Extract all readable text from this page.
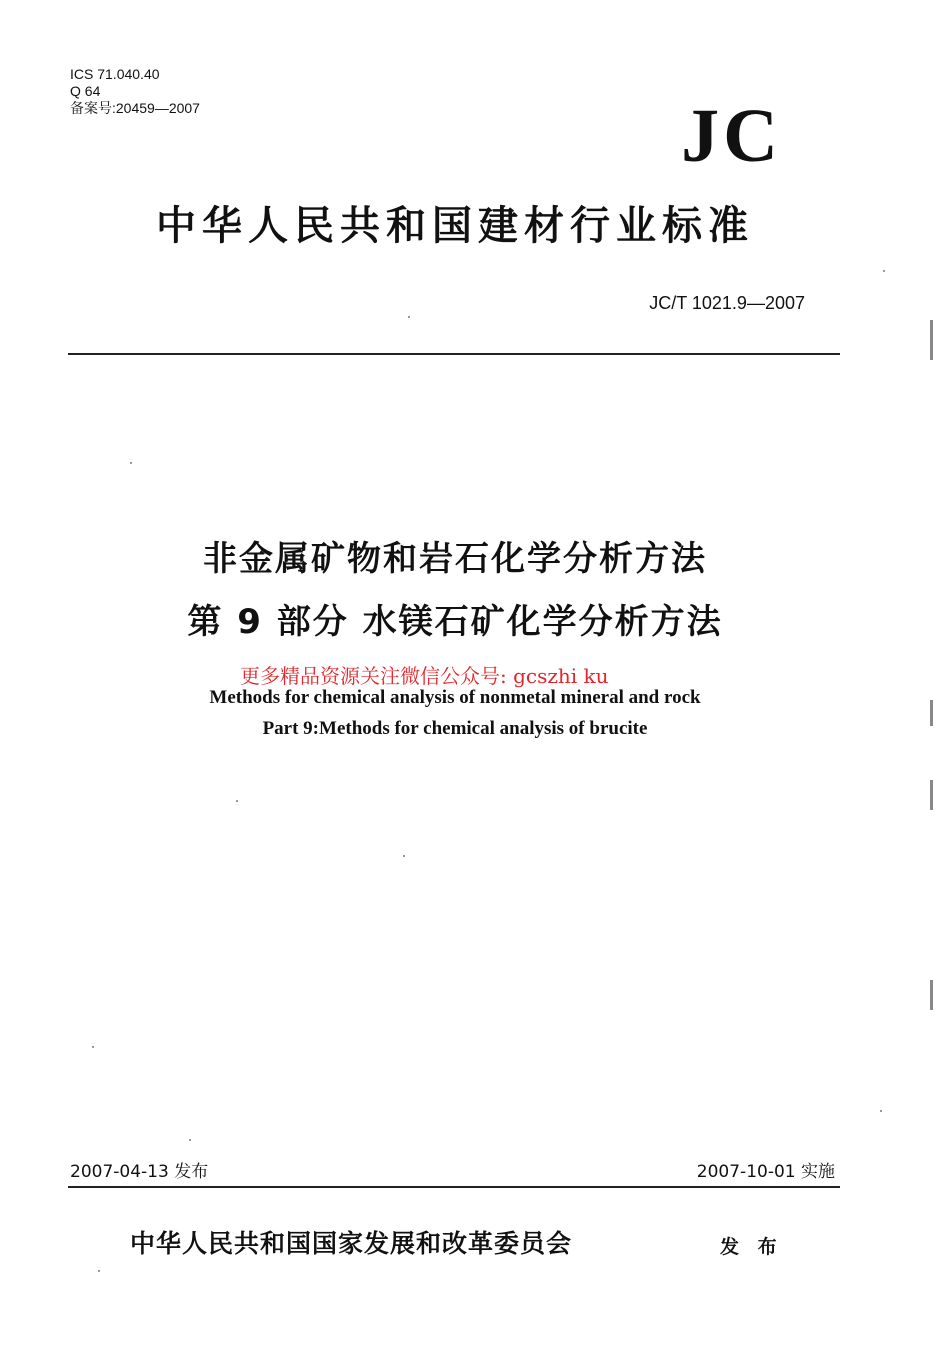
ICS 71.040.40
Q 64
备案号:20459—2007	JC
中华人民共和国建材行业标准
JC/T 1021.9—2007
非金属矿物和岩石化学分析方法
第 9 部分 水镁石矿化学分析方法
更多精品资源关注微信公众号: gcszhi ku
Methods for chemical analysis of nonmetal mineral and rock
Part 9:Methods for chemical analysis of brucite
2007-04-13 发布	2007-10-01 实施
中华人民共和国国家发展和改革委员会	发 布
